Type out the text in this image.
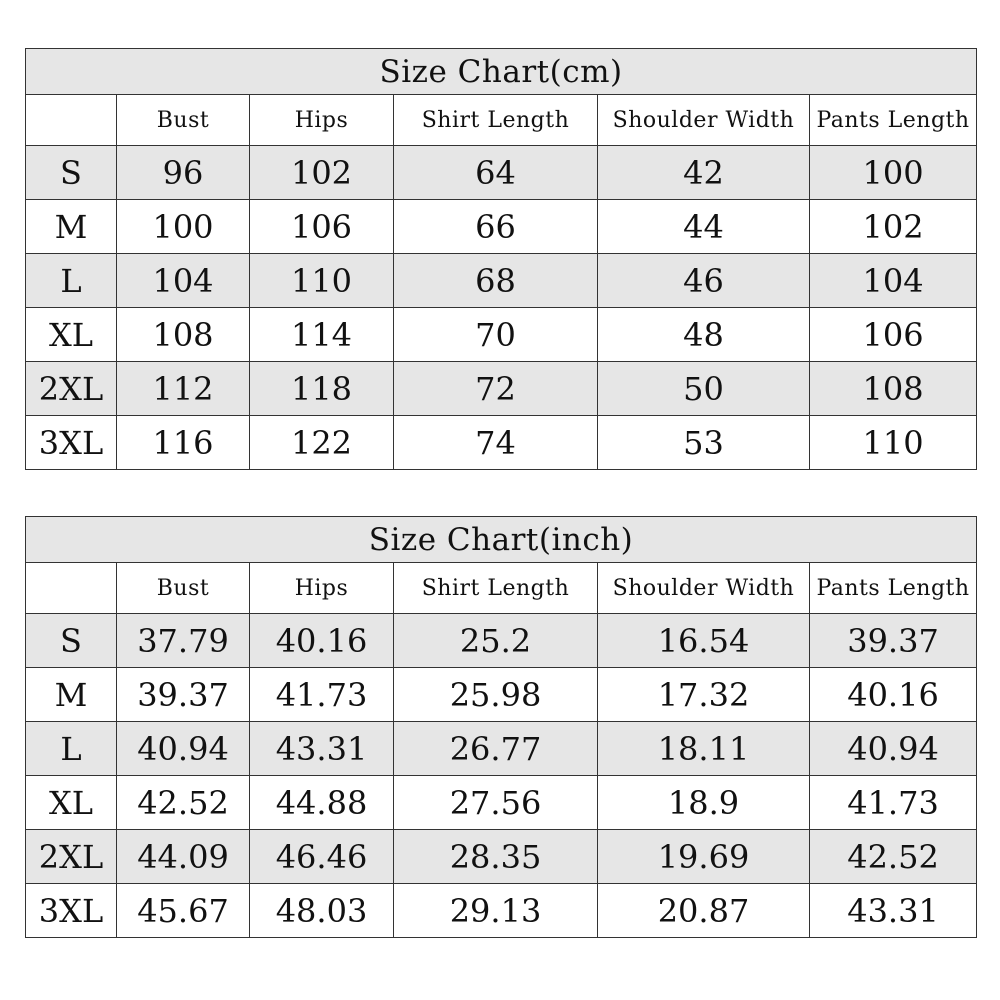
Size Chart(cm)					
	Bust	Hips	Shirt Length	Shoulder Width	Pants Length
S	96	102	64	42	100
M	100	106	66	44	102
L	104	110	68	46	104
XL	108	114	70	48	106
2XL	112	118	72	50	108
3XL	116	122	74	53	110
Size Chart(inch)					
	Bust	Hips	Shirt Length	Shoulder Width	Pants Length
S	37.79	40.16	25.2	16.54	39.37
M	39.37	41.73	25.98	17.32	40.16
L	40.94	43.31	26.77	18.11	40.94
XL	42.52	44.88	27.56	18.9	41.73
2XL	44.09	46.46	28.35	19.69	42.52
3XL	45.67	48.03	29.13	20.87	43.31
